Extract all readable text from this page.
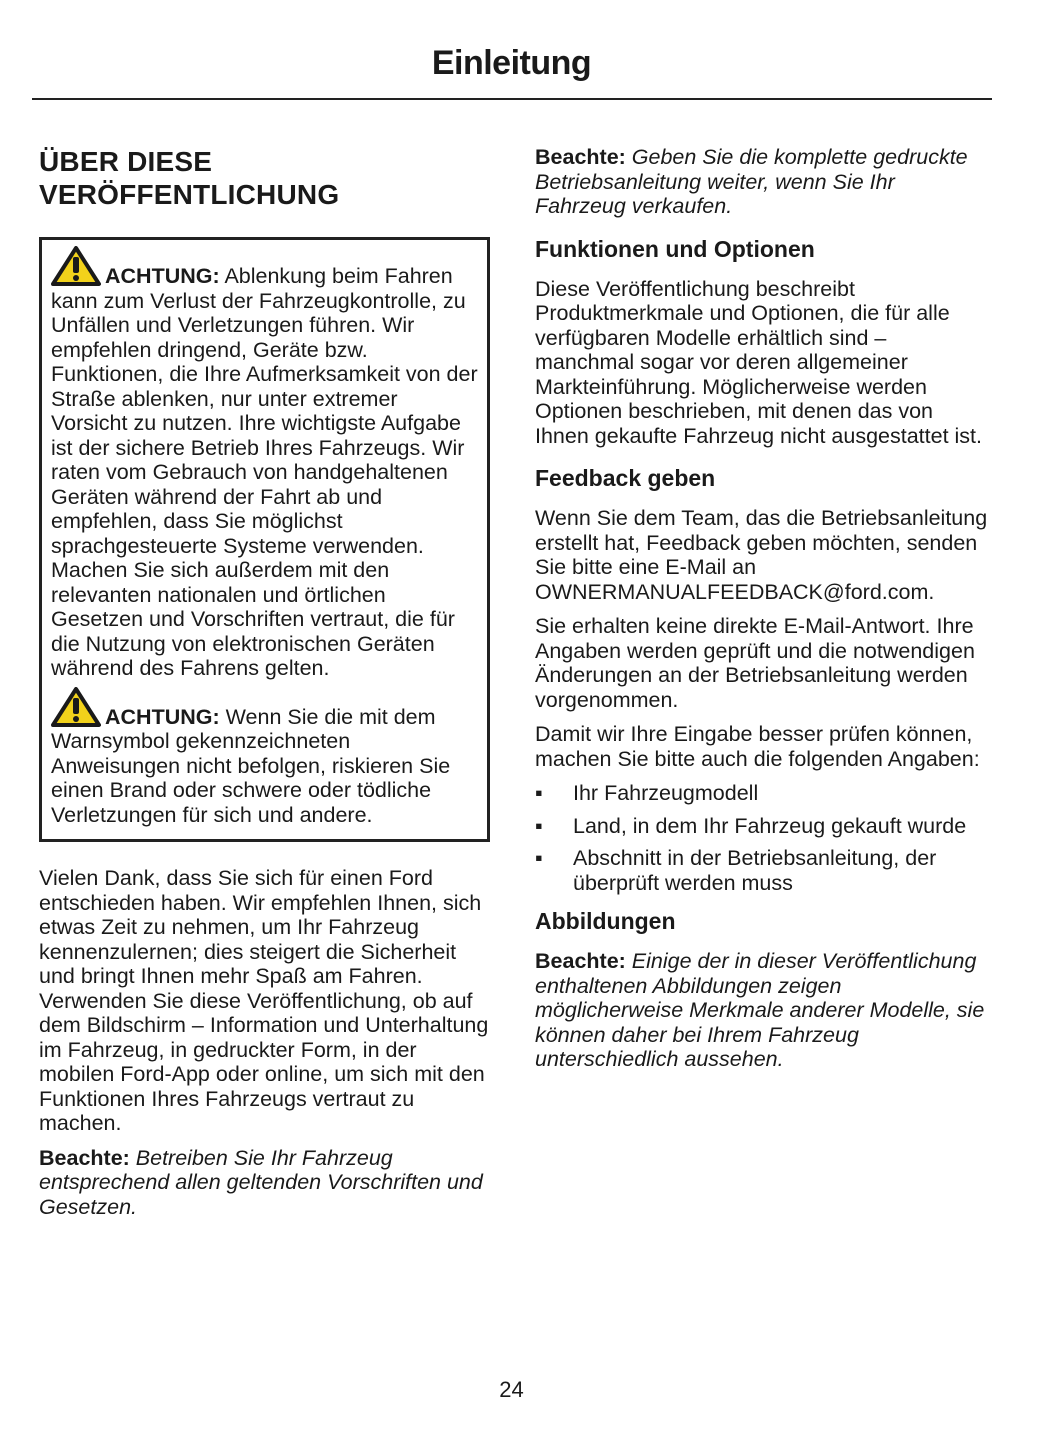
Einleitung
ÜBER DIESE VERÖFFENTLICHUNG
ACHTUNG: Ablenkung beim Fahren kann zum Verlust der Fahrzeugkontrolle, zu Unfällen und Verletzungen führen. Wir empfehlen dringend, Geräte bzw. Funktionen, die Ihre Aufmerksamkeit von der Straße ablenken, nur unter extremer Vorsicht zu nutzen. Ihre wichtigste Aufgabe ist der sichere Betrieb Ihres Fahrzeugs. Wir raten vom Gebrauch von handgehaltenen Geräten während der Fahrt ab und empfehlen, dass Sie möglichst sprachgesteuerte Systeme verwenden. Machen Sie sich außerdem mit den relevanten nationalen und örtlichen Gesetzen und Vorschriften vertraut, die für die Nutzung von elektronischen Geräten während des Fahrens gelten.
ACHTUNG: Wenn Sie die mit dem Warnsymbol gekennzeichneten Anweisungen nicht befolgen, riskieren Sie einen Brand oder schwere oder tödliche Verletzungen für sich und andere.

Vielen Dank, dass Sie sich für einen Ford entschieden haben. Wir empfehlen Ihnen, sich etwas Zeit zu nehmen, um Ihr Fahrzeug kennenzulernen; dies steigert die Sicherheit und bringt Ihnen mehr Spaß am Fahren. Verwenden Sie diese Veröffentlichung, ob auf dem Bildschirm – Information und Unterhaltung im Fahrzeug, in gedruckter Form, in der mobilen Ford-App oder online, um sich mit den Funktionen Ihres Fahrzeugs vertraut zu machen.

Beachte: Betreiben Sie Ihr Fahrzeug entsprechend allen geltenden Vorschriften und Gesetzen.

Beachte: Geben Sie die komplette gedruckte Betriebsanleitung weiter, wenn Sie Ihr Fahrzeug verkaufen.

Funktionen und Optionen

Diese Veröffentlichung beschreibt Produktmerkmale und Optionen, die für alle verfügbaren Modelle erhältlich sind – manchmal sogar vor deren allgemeiner Markteinführung. Möglicherweise werden Optionen beschrieben, mit denen das von Ihnen gekaufte Fahrzeug nicht ausgestattet ist.

Feedback geben

Wenn Sie dem Team, das die Betriebsanleitung erstellt hat, Feedback geben möchten, senden Sie bitte eine E-Mail an OWNERMANUALFEEDBACK@ford.com.

Sie erhalten keine direkte E-Mail-Antwort. Ihre Angaben werden geprüft und die notwendigen Änderungen an der Betriebsanleitung werden vorgenommen.

Damit wir Ihre Eingabe besser prüfen können, machen Sie bitte auch die folgenden Angaben:

▪ Ihr Fahrzeugmodell
▪ Land, in dem Ihr Fahrzeug gekauft wurde
▪ Abschnitt in der Betriebsanleitung, der überprüft werden muss
Abbildungen

Beachte: Einige der in dieser Veröffentlichung enthaltenen Abbildungen zeigen möglicherweise Merkmale anderer Modelle, sie können daher bei Ihrem Fahrzeug unterschiedlich aussehen.

24
